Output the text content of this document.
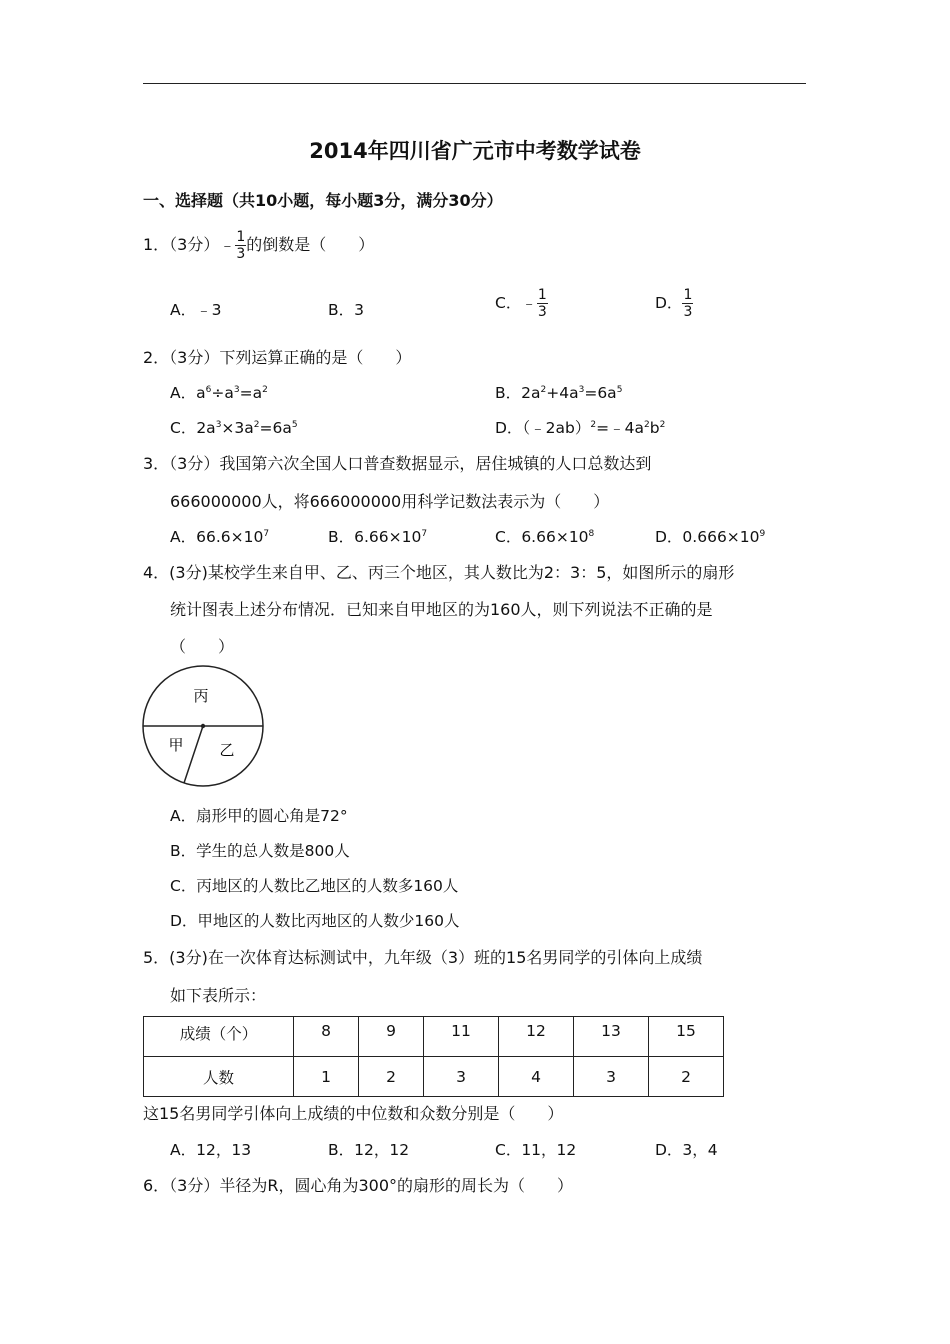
2014年四川省广元市中考数学试卷
一、选择题（共10小题，每小题3分，满分30分）
1．（3分）﹣ $\frac{1}{3}$ 的倒数是（　　）
A．﹣3	B．3	C．﹣ $\frac{1}{3}$	D． $\frac{1}{3}$
2．（3分）下列运算正确的是（　　）
A．$a^6\div a^3=a^2$	B．$2a^2+4a^3=6a^5$
C．$2a^3\times 3a^2=6a^5$	D．$(﹣2ab)^2=﹣4a^2b^2$
3．（3分）我国第六次全国人口普查数据显示，居住城镇的人口总数达到
666000000人，将666000000用科学记数法表示为（　　）
A．$66.6\times 10^7$	B．$6.66\times 10^7$	C．$6.66\times 10^8$	D．$0.666\times 10^9$
4．(3分)某校学生来自甲、乙、丙三个地区，其人数比为2：3：5，如图所示的扇形
统计图表上述分布情况．已知来自甲地区的为160人，则下列说法不正确的是
（　　）
丙
甲 乙
A．扇形甲的圆心角是72°
B．学生的总人数是800人
C．丙地区的人数比乙地区的人数多160人
D．甲地区的人数比丙地区的人数少160人
5．(3分)在一次体育达标测试中，九年级（3）班的15名男同学的引体向上成绩
如下表所示：
成绩（个）	8	9	11	12	13	15
人数	1	2	3	4	3	2
这15名男同学引体向上成绩的中位数和众数分别是（　　）
A．12，13	B．12，12	C．11，12	D．3，4
6．（3分）半径为R，圆心角为300°的扇形的周长为（　　）
